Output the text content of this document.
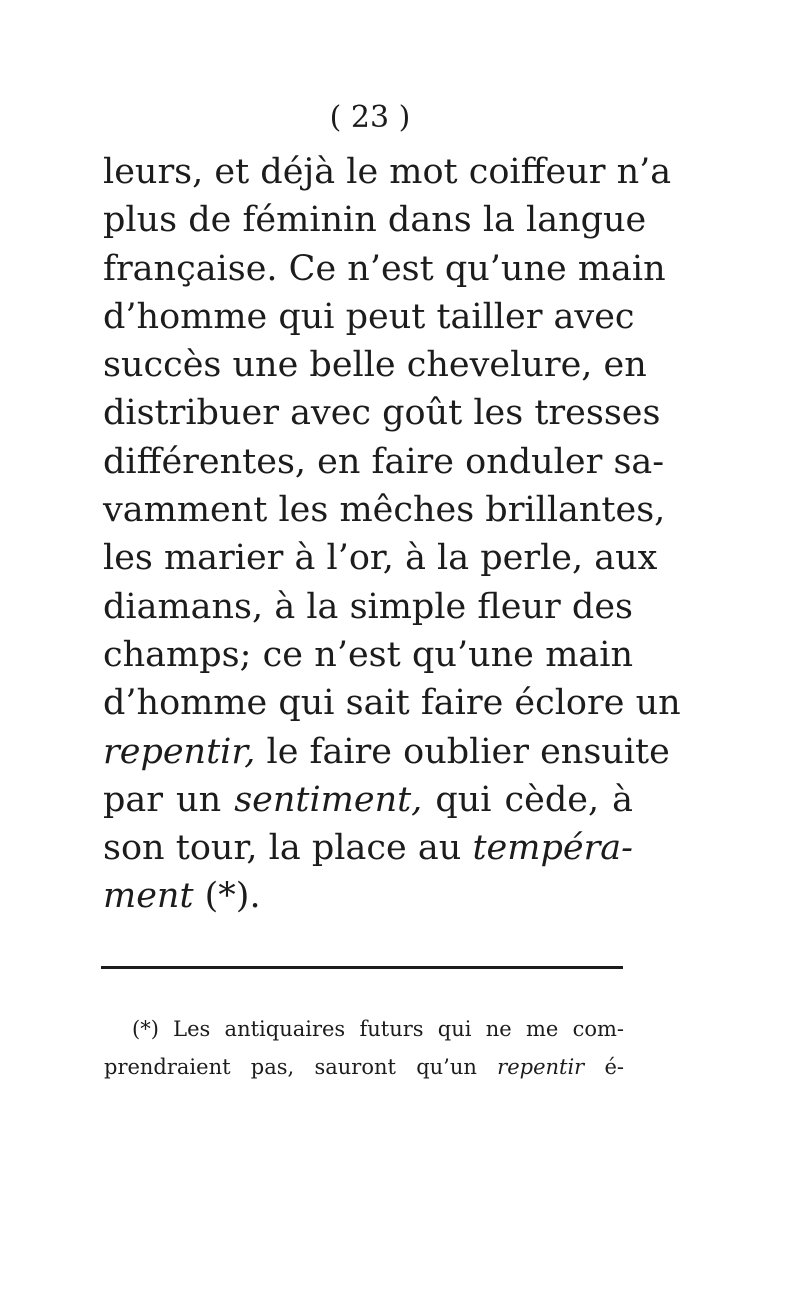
( 23 )
leurs, et déjà le mot coiffeur n’a
plus de féminin dans la langue
française. Ce n’est qu’une main
d’homme qui peut tailler avec
succès une belle chevelure, en
distribuer avec goût les tresses
différentes, en faire onduler sa-
vamment les mêches brillantes,
les marier à l’or, à la perle, aux
diamans, à la simple fleur des
champs; ce n’est qu’une main
d’homme qui sait faire éclore un
repentir, le faire oublier ensuite
par un sentiment, qui cède, à
son tour, la place au tempéra-
ment (*).
(*) Les antiquaires futurs qui ne me com-
prendraient pas, sauront qu’un repentir é-
